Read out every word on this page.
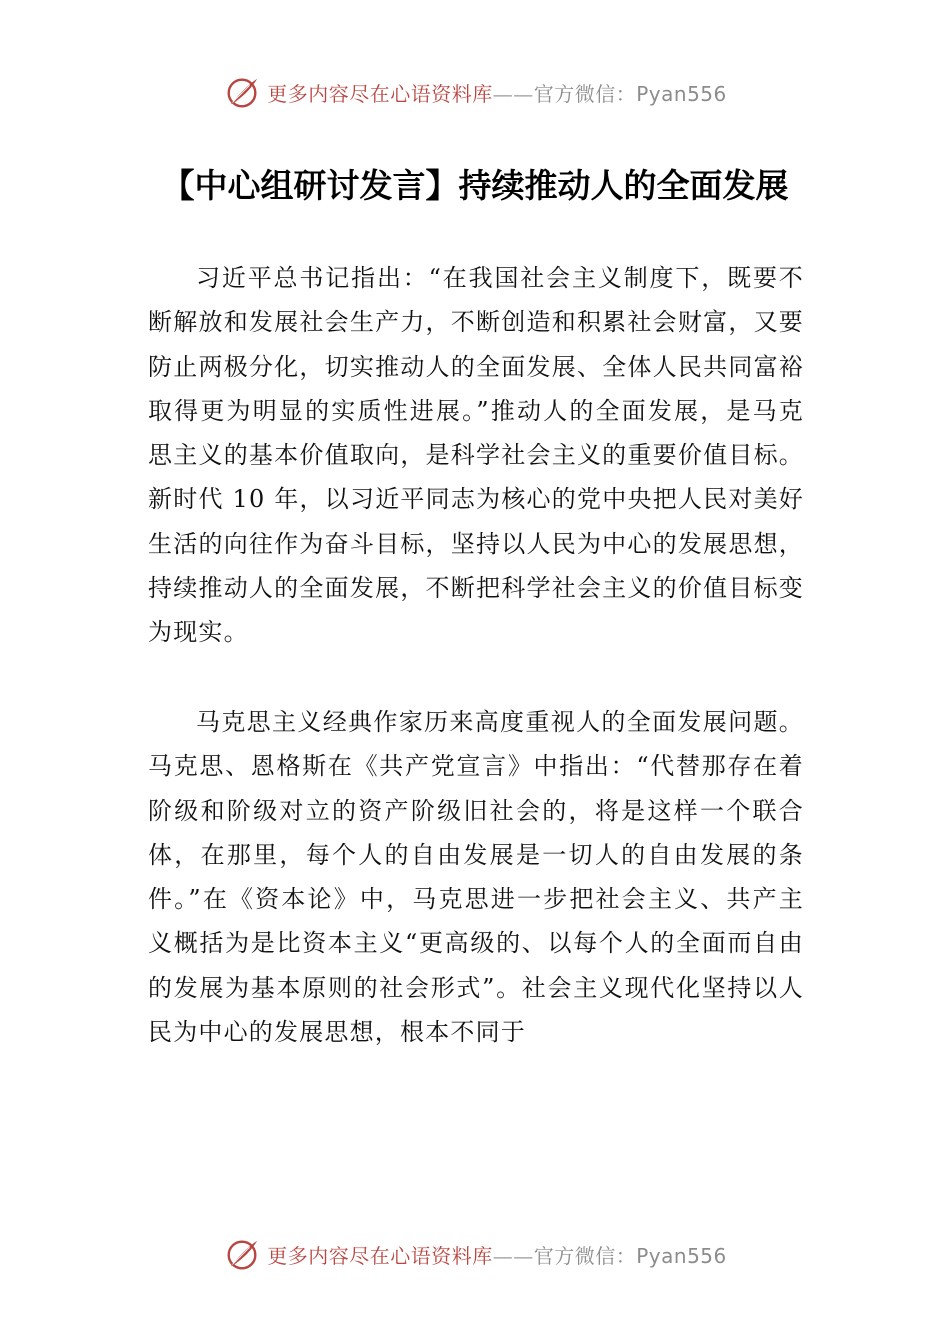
更多内容尽在心语资料库——官方微信：Pyan556
【中心组研讨发言】持续推动人的全面发展

习近平总书记指出：“在我国社会主义制度下，既要不断解放和发展社会生产力，不断创造和积累社会财富，又要防止两极分化，切实推动人的全面发展、全体人民共同富裕取得更为明显的实质性进展。”推动人的全面发展，是马克思主义的基本价值取向，是科学社会主义的重要价值目标。新时代 10 年，以习近平同志为核心的党中央把人民对美好生活的向往作为奋斗目标，坚持以人民为中心的发展思想，持续推动人的全面发展，不断把科学社会主义的价值目标变为现实。

马克思主义经典作家历来高度重视人的全面发展问题。马克思、恩格斯在《共产党宣言》中指出：“代替那存在着阶级和阶级对立的资产阶级旧社会的，将是这样一个联合体，在那里，每个人的自由发展是一切人的自由发展的条件。”在《资本论》中，马克思进一步把社会主义、共产主义概括为是比资本主义“更高级的、以每个人的全面而自由的发展为基本原则的社会形式”。社会主义现代化坚持以人民为中心的发展思想，根本不同于

更多内容尽在心语资料库——官方微信：Pyan556
